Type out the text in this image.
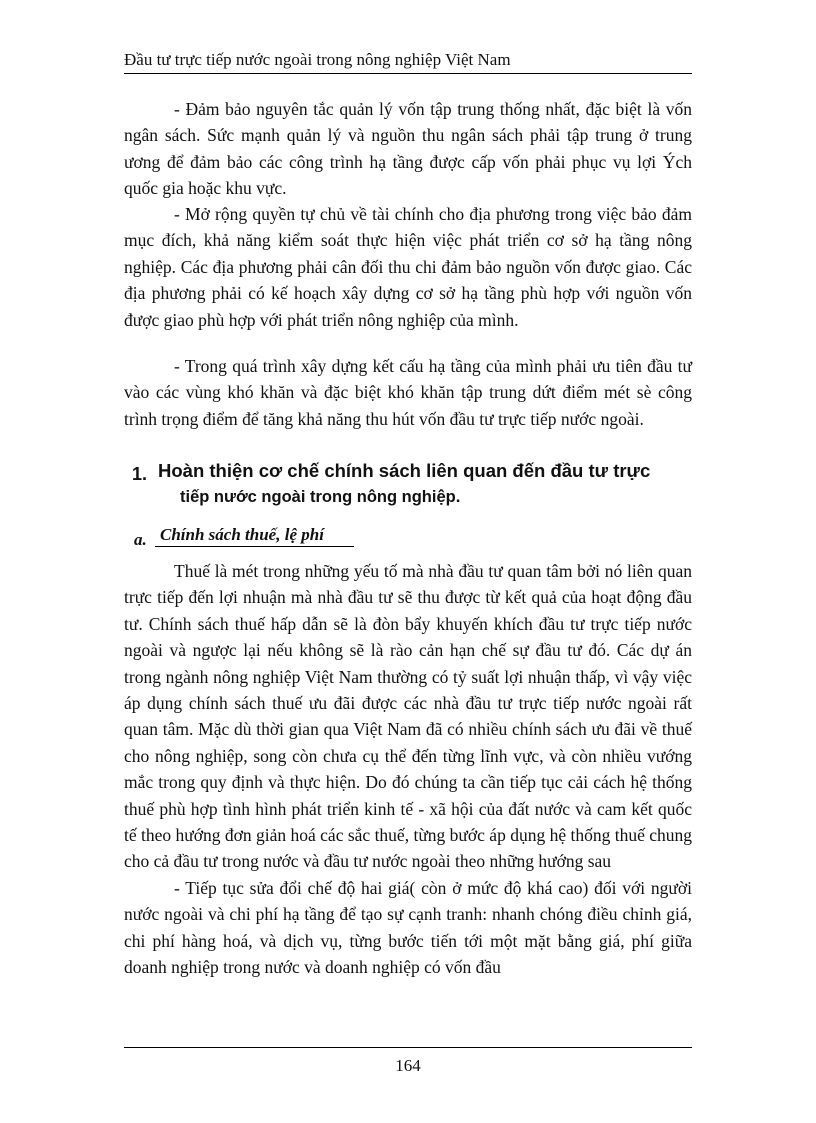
Đầu tư trực tiếp nước ngoài trong nông nghiệp Việt Nam

- Đảm bảo nguyên tắc quản lý vốn tập trung thống nhất, đặc biệt là vốn ngân sách. Sức mạnh quản lý và nguồn thu ngân sách phải tập trung ở trung ương để đảm bảo các công trình hạ tầng được cấp vốn phải phục vụ lợi Ých quốc gia hoặc khu vực.

- Mở rộng quyền tự chủ về tài chính cho địa phương trong việc bảo đảm mục đích, khả năng kiểm soát thực hiện việc phát triển cơ sở hạ tầng nông nghiệp. Các địa phương phải cân đối thu chi đảm bảo nguồn vốn được giao. Các địa phương phải có kế hoạch xây dựng cơ sở hạ tầng phù hợp với nguồn vốn được giao phù hợp với phát triển nông nghiệp của mình.

- Trong quá trình xây dựng kết cấu hạ tầng của mình phải ưu tiên đầu tư vào các vùng khó khăn và đặc biệt khó khăn tập trung dứt điểm mét sè công trình trọng điểm để tăng khả năng thu hút vốn đầu tư trực tiếp nước ngoài.

1. Hoàn thiện cơ chế chính sách liên quan đến đầu tư trực
tiếp nước ngoài trong nông nghiệp.

a. Chính sách thuế, lệ phí

Thuế là mét trong những yếu tố mà nhà đầu tư quan tâm bởi nó liên quan trực tiếp đến lợi nhuận mà nhà đầu tư sẽ thu được từ kết quả của hoạt động đầu tư. Chính sách thuế hấp dẫn sẽ là đòn bẩy khuyến khích đầu tư trực tiếp nước ngoài và ngược lại nếu không sẽ là rào cản hạn chế sự đầu tư đó. Các dự án trong ngành nông nghiệp Việt Nam thường có tỷ suất lợi nhuận thấp, vì vậy việc áp dụng chính sách thuế ưu đãi được các nhà đầu tư trực tiếp nước ngoài rất quan tâm. Mặc dù thời gian qua Việt Nam đã có nhiều chính sách ưu đãi về thuế cho nông nghiệp, song còn chưa cụ thể đến từng lĩnh vực, và còn nhiều vướng mắc trong quy định và thực hiện. Do đó chúng ta cần tiếp tục cải cách hệ thống thuế phù hợp tình hình phát triển kinh tế - xã hội của đất nước và cam kết quốc tế theo hướng đơn giản hoá các sắc thuế, từng bước áp dụng hệ thống thuế chung cho cả đầu tư trong nước và đầu tư nước ngoài theo những hướng sau

- Tiếp tục sửa đổi chế độ hai giá( còn ở mức độ khá cao) đối với người nước ngoài và chi phí hạ tầng để tạo sự cạnh tranh: nhanh chóng điều chỉnh giá, chi phí hàng hoá, và dịch vụ, từng bước tiến tới một mặt bằng giá, phí giữa doanh nghiệp trong nước và doanh nghiệp có vốn đầu

164
